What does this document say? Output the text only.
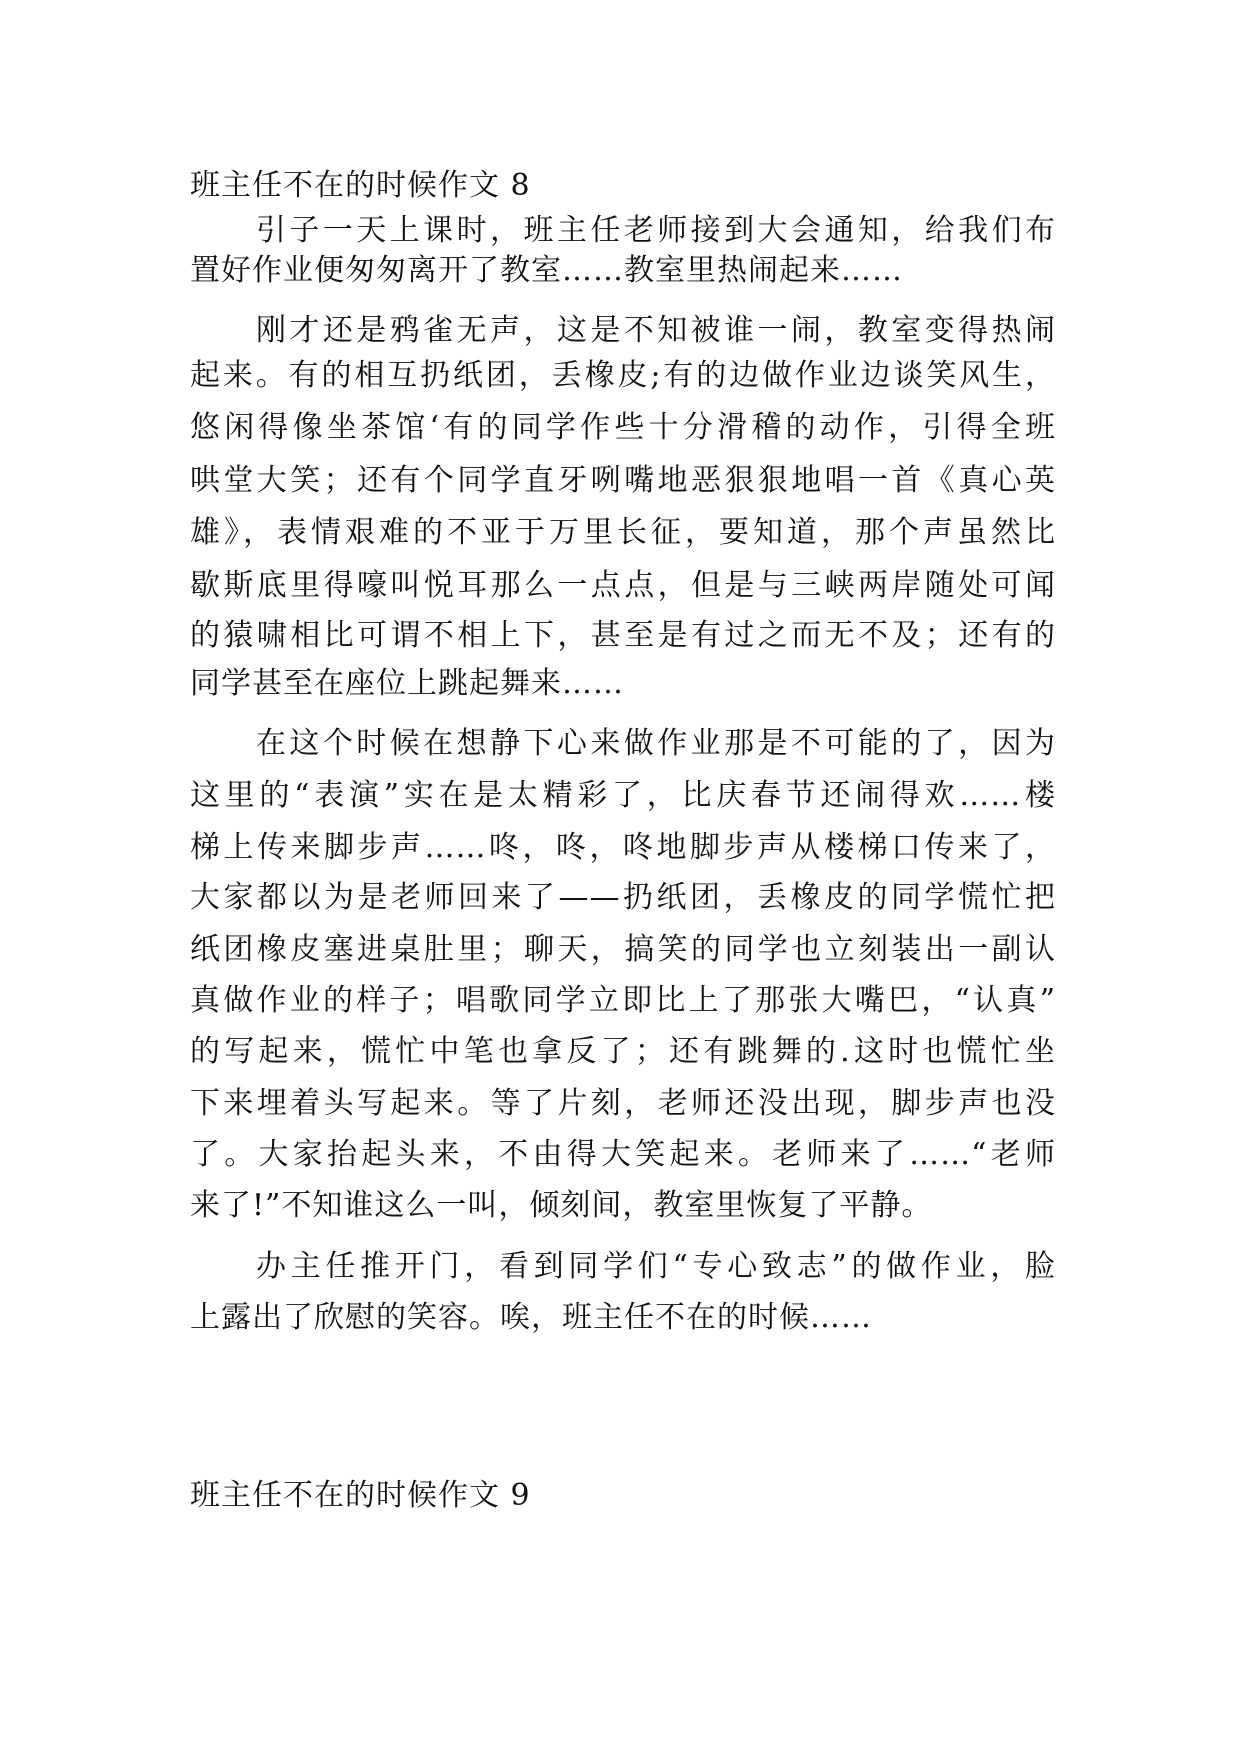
班主任不在的时候作文 8
引子一天上课时，班主任老师接到大会通知，给我们布
置好作业便匆匆离开了教室……教室里热闹起来……
刚才还是鸦雀无声，这是不知被谁一闹，教室变得热闹
起来。有的相互扔纸团，丢橡皮;有的边做作业边谈笑风生，
悠闲得像坐茶馆‘有的同学作些十分滑稽的动作，引得全班
哄堂大笑；还有个同学直牙咧嘴地恶狠狠地唱一首《真心英
雄》，表情艰难的不亚于万里长征，要知道，那个声虽然比
歇斯底里得嚎叫悦耳那么一点点，但是与三峡两岸随处可闻
的猿啸相比可谓不相上下，甚至是有过之而无不及；还有的
同学甚至在座位上跳起舞来……
在这个时候在想静下心来做作业那是不可能的了，因为
这里的“表演”实在是太精彩了，比庆春节还闹得欢……楼
梯上传来脚步声……咚，咚，咚地脚步声从楼梯口传来了，
大家都以为是老师回来了——扔纸团，丢橡皮的同学慌忙把
纸团橡皮塞进桌肚里；聊天，搞笑的同学也立刻装出一副认
真做作业的样子；唱歌同学立即比上了那张大嘴巴，“认真”
的写起来，慌忙中笔也拿反了；还有跳舞的.这时也慌忙坐
下来埋着头写起来。等了片刻，老师还没出现，脚步声也没
了。大家抬起头来，不由得大笑起来。老师来了……“老师
来了!”不知谁这么一叫，倾刻间，教室里恢复了平静。
办主任推开门，看到同学们“专心致志”的做作业，脸
上露出了欣慰的笑容。唉，班主任不在的时候……
班主任不在的时候作文 9
